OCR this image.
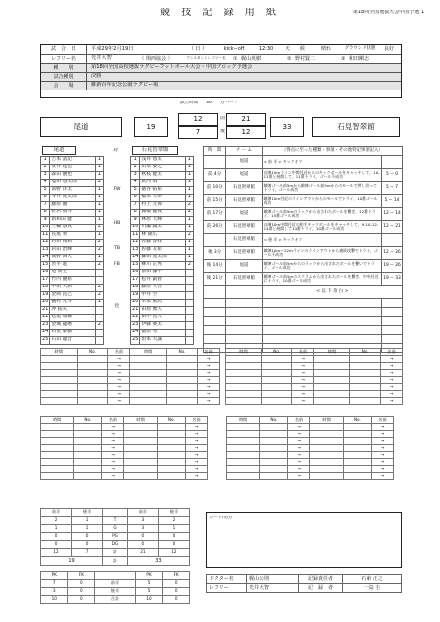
競 技 記 録 用 紙	第18回全国選抜大会中国予選 1
試　合　日	平成29年2月19日	（ 日 ）	kick−off	12:30	天　　候	晴れ	グラウンド状態	良好
レフリー名	光井大智	（ 関西協会 ）	アシスタントレフリー名	① 梶山英樹	② 野村賢二	③ 和田剛志
種　　別	第18回全国高校選抜ラグビーフットボール大会・中国ブロック予選会
試合種別	決勝
会　　場	維新百年記念公園ラグビー場
試合時間 30 分ハーフ
尾道	19
12
7
前
後
21
12
33	石見智翠館
尾道	対	石見智翠館
1	吉本 詔記	1
2	安井 建也	1
3	森田 優也	1
4	塩田 悠太郎	2
5	南野 洋太	1
6	寺井 虎太郎	1
7	藤原 優	1
8	折居 慎斗	1
9	新和田 健	1
10	三輪 悠真	2
11	長尾 奏	1
12	村田 翔和	2
13	岩田 治輝	2
14	髙野 海大	1
15	善平 進	2
16	迫 尚生	
17	竹内 優希	
18	中田 大和	2
19	金岡 直己	2
20	樋村 元斗	1
21	沖 拓矢	
22	松尾 瑞稀	
23	金城 龍磨	2
24	石室 泰樹	
25	石田 龍音	
1	浅井 悠太	1
2	山本 泰之	1
3	秋枝 健太	1
4	武内 慎	1
5	徳谷 拓希	1
6	橋本 大夢	1
7	村上 元偉	2
8	露橋 龍夜	2
9	林原 大輝	1
10	川瀬 誠太	1
11	林 隆広	2
12	佐藤 春我	1
13	佐藤 友希	1
14	鎌田 遼太郎	1
15	柳川 正秀	2
16	前田 謙平	
17	松井 凱智	
18	藤原 大吾	
19	中井 空	
20	木本 風馬	
21	田原 雅人	
22	田中 直人	
23	伊藤 豪太	
24	徳原 秀	
25	垣本 大誠	
FW
HB
TB
FB
控
時　間	チ ー ム	（得点に至った種類・事項・その他特記事項記入）	
	尾道	< 前 半 > キックオフ	
前 4分	尾道	自陣10mライン中間付近からのキックボールをキャッチして、10-11番と展開して、11番トライ、ゴール不成功	5 − 0
前 10分	石見智翠館	敵陣ゴール前5mから敵陣ゴール前5mからのモールで押し切ってトライ、ゴール成功	5 − 7
前 15分	石見智翠館	敵陣10m付近のラインアウトからのモールでトライ、10番ゴール成功	5 − 14
前 17分	尾道	敵陣ゴール前5mのラックから出されたボールを繋ぎ、12番トライ、15番ゴール成功	12 − 14
前 26分	石見智翠館	自陣10m中間付近の相手キックボールをキャッチして、9-10-12-14番と展開して14番トライ、10番ゴール成功	12 − 21
	石見智翠館	< 後 半 > キックオフ	
後 3分	石見智翠館	敵陣10m〜22mラインのラインアウトから連続攻撃でトライ、ゴール不成功	12 − 26
後 14分	尾道	敵陣ゴール前5mからのラックから出されたボールを繋いでトライ、ゴール成功	19 − 26
後 21分	石見智翠館	敵陣ゴール前5mのスクラムから出されたボールを繋ぎ、中央付近にトライ、10番ゴール成功	19 − 33
		< 以 下 余 白 >	

時間	No.	名前	時間	No.	名前
		→			→
		→			→
		→			→
		→			→
		→			→
		→			→
		→			→
時間	No.	名前	時間	No.	名前
		→			→
		→			→
		→			→
		→			→
		→			→
		→			→
		→			→
時間	No.	名前	時間	No.	名前
		→			→
		→			→
		→			→
		→			→
		→			→
		→			→
		→			→
		→			→
時間	No.	名前	時間	No.	名前
		→			→
		→			→
		→			→
		→			→
		→			→
		→			→
		→			→
		→			→
前半	後半		前半	後半
2	1	T	3	2
1	1	G	3	1
0	0	PG	0	0
0	0	DG	0	0
12	7	計	21	12
19		計	33	
PK	FK		PK	FK
7	0	前半	5	0
3	0	後半	5	0
10	0	合計	10	0
カード/処分
ドクター名	梶山公則	記録責任者	石東 正之
レフリー	光井大智	記　録　者	一島 圭
